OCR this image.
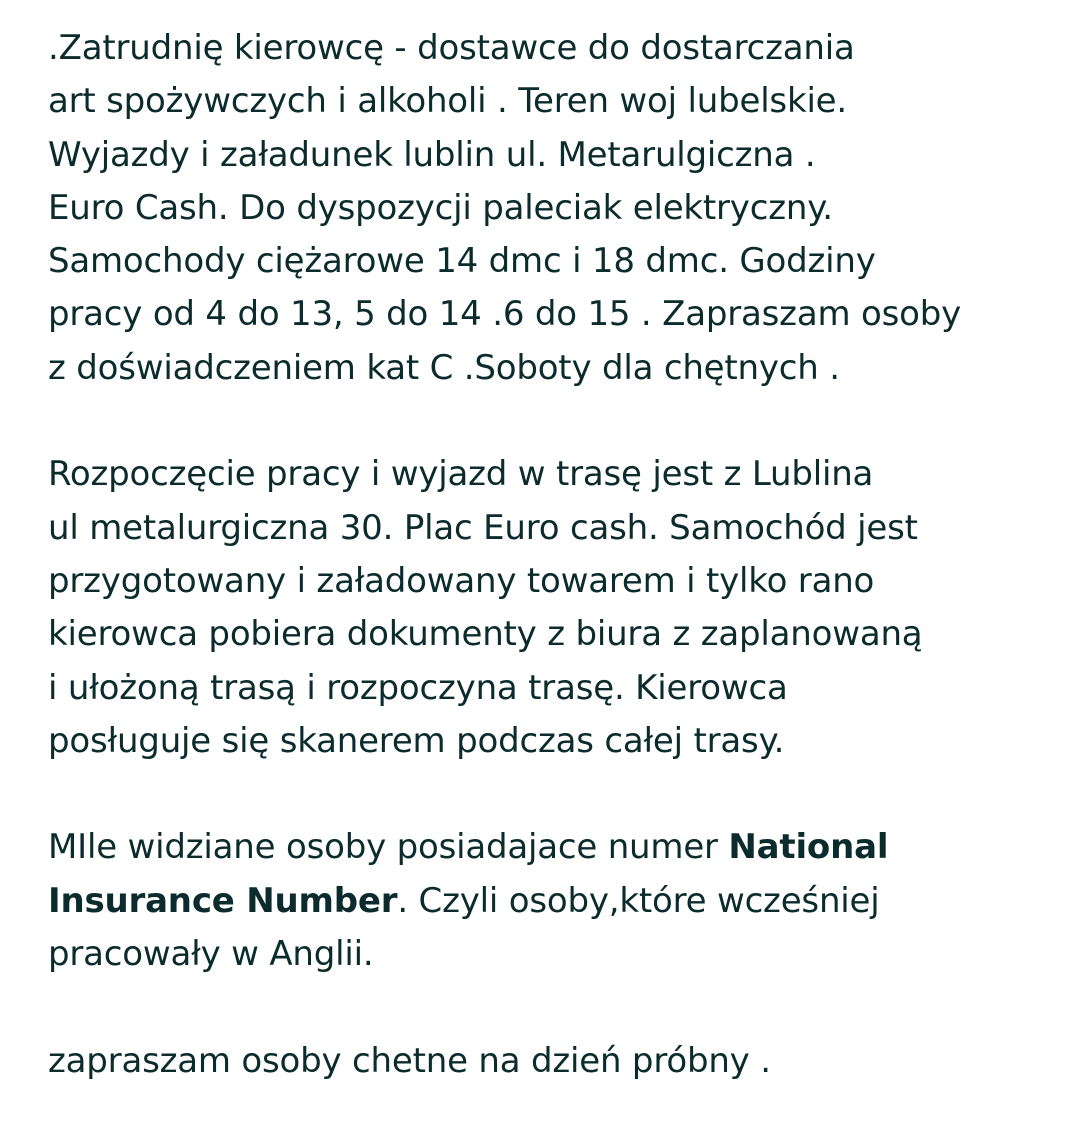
.Zatrudnię kierowcę - dostawce do dostarczania
art spożywczych i alkoholi . Teren woj lubelskie.
Wyjazdy i załadunek lublin ul. Metarulgiczna .
Euro Cash. Do dyspozycji paleciak elektryczny.
Samochody ciężarowe 14 dmc i 18 dmc. Godziny
pracy od 4 do 13, 5 do 14 .6 do 15 . Zapraszam osoby
z doświadczeniem kat C .Soboty dla chętnych .

Rozpoczęcie pracy i wyjazd w trasę jest z Lublina
ul metalurgiczna 30. Plac Euro cash. Samochód jest
przygotowany i załadowany towarem i tylko rano
kierowca pobiera dokumenty z biura z zaplanowaną
i ułożoną trasą i rozpoczyna trasę. Kierowca
posługuje się skanerem podczas całej trasy.

MIle widziane osoby posiadajace numer National
Insurance Number. Czyli osoby,które wcześniej
pracowały w Anglii.

zapraszam osoby chetne na dzień próbny .
